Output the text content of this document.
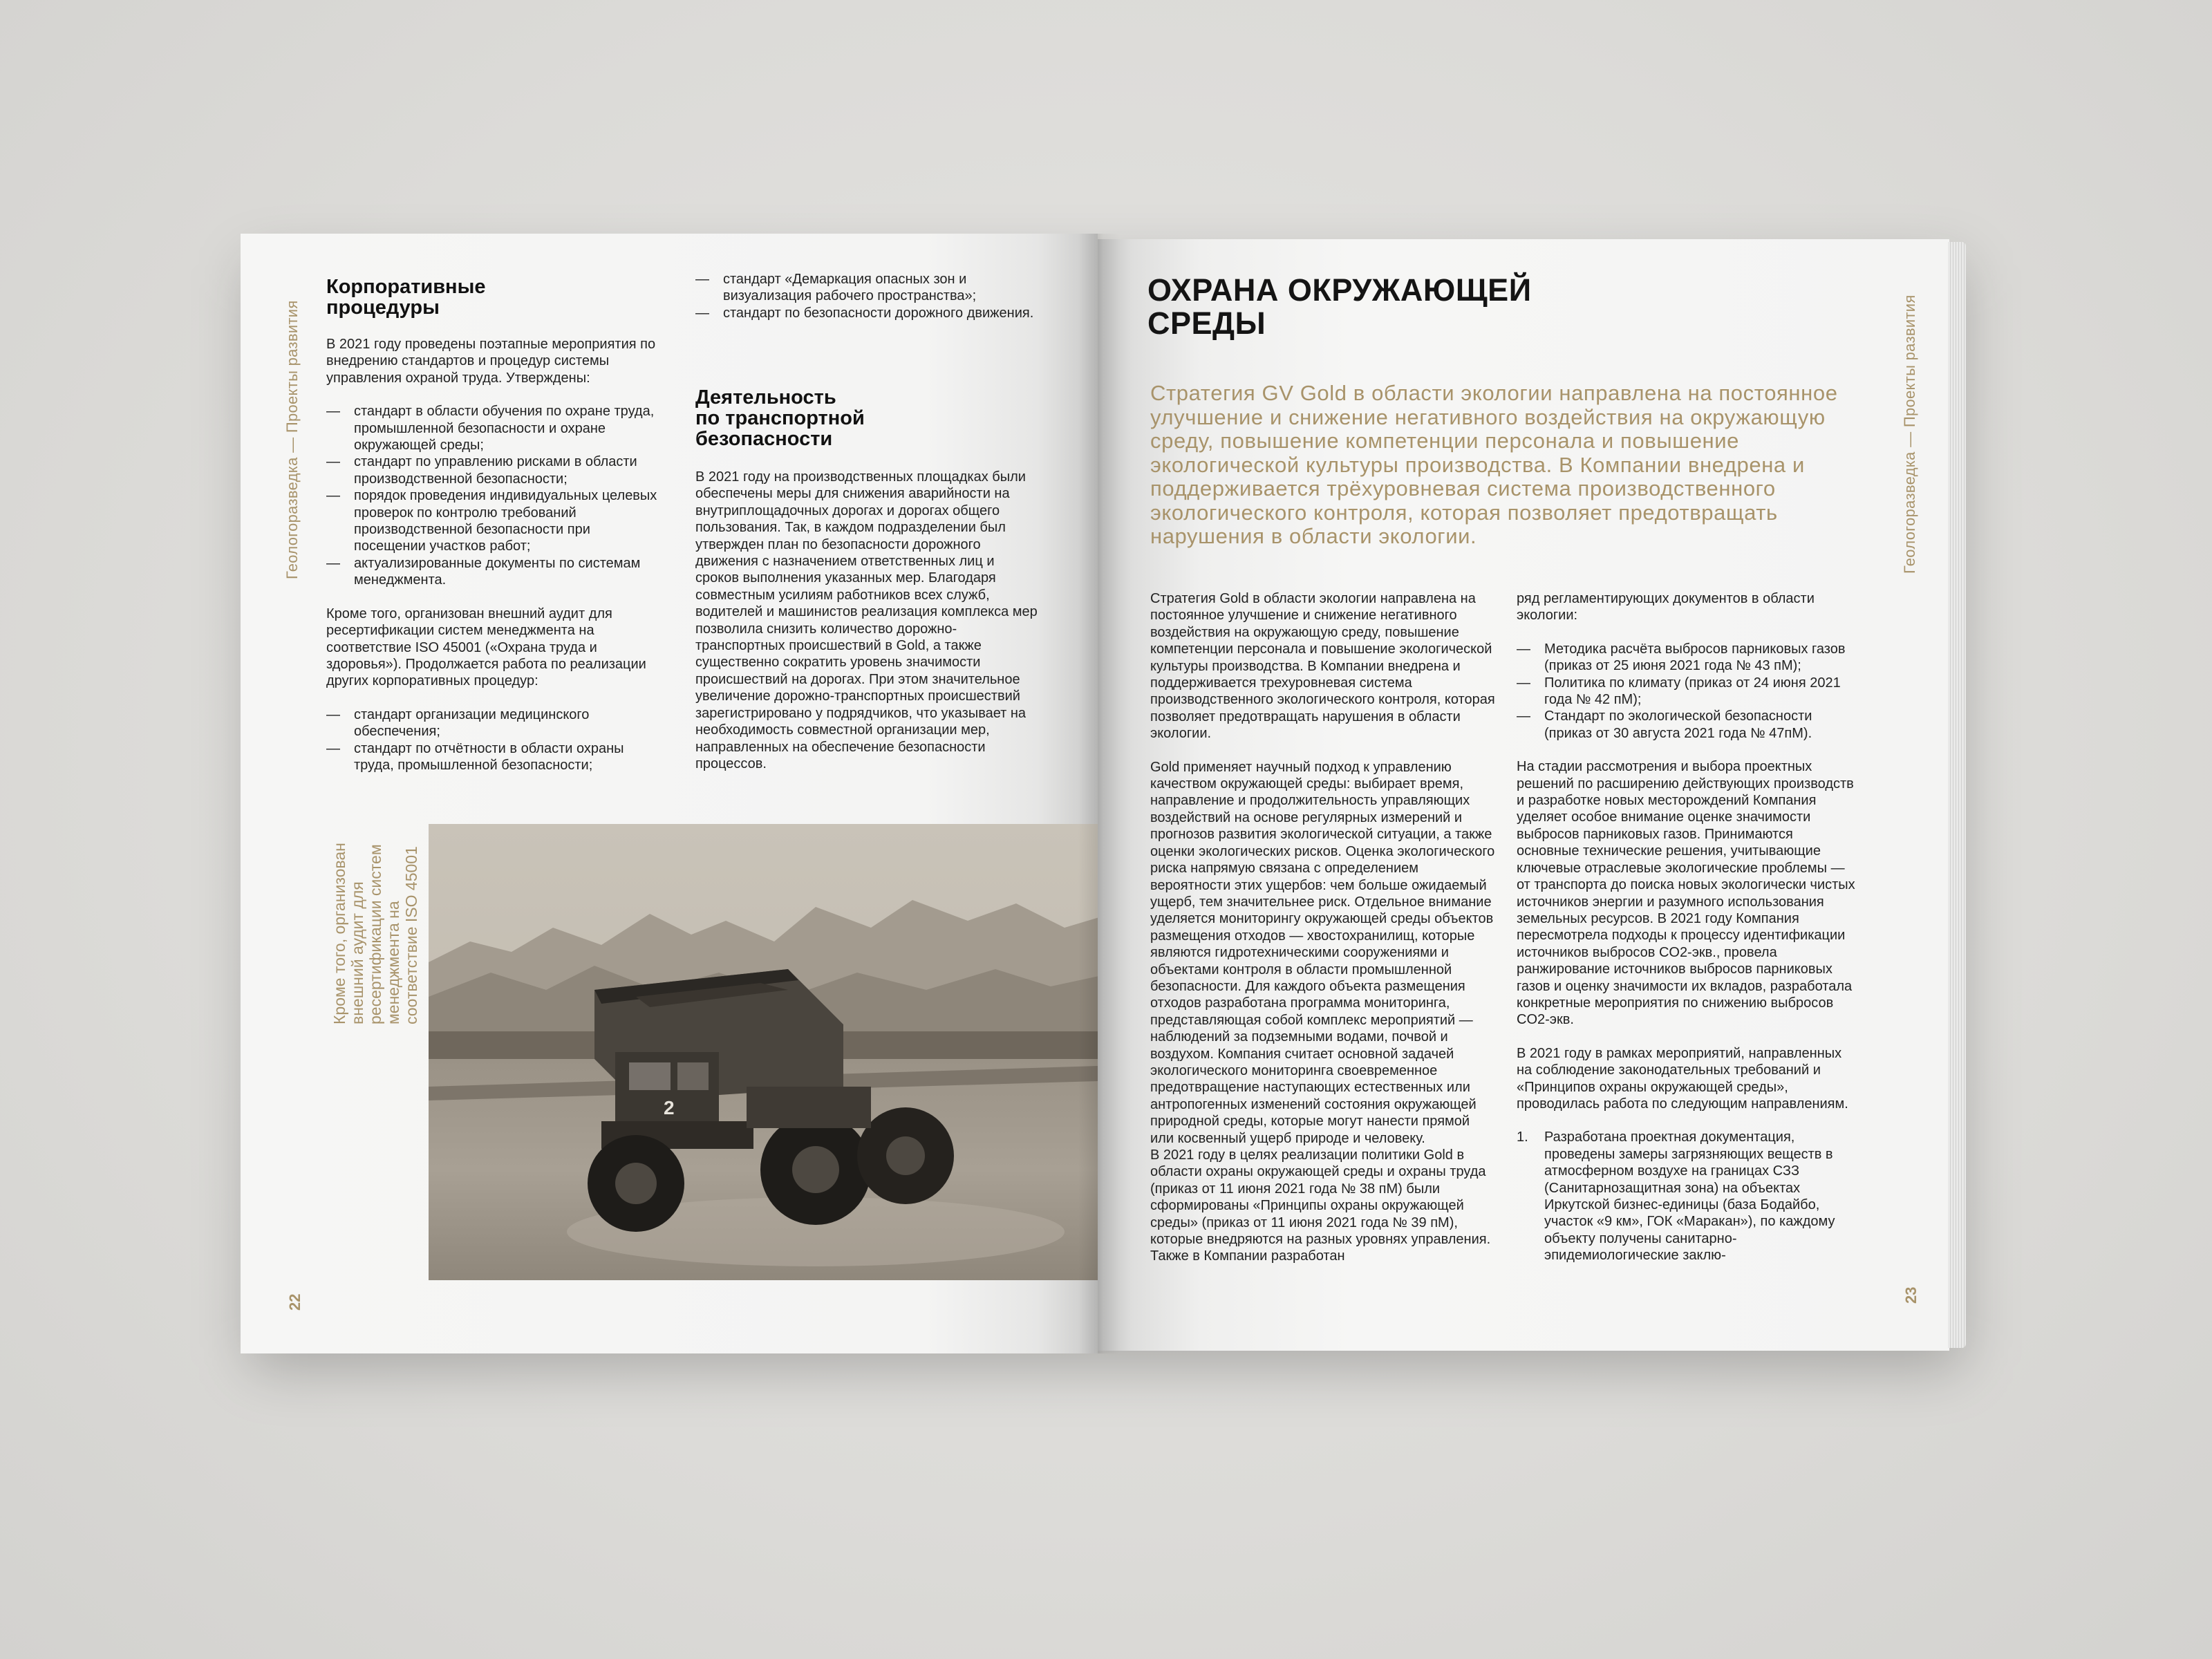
Геологоразведка — Проекты развития
22
Корпоративные
процедуры

В 2021 году проведены поэтапные мероприятия по внедрению стандартов и процедур системы управления охраной труда. Утверждены:

— стандарт в области обучения по охране труда, промышленной безопасности и охране окружающей среды;
— стандарт по управлению рисками в области производственной безопасности;
— порядок проведения индивидуальных целевых проверок по контролю требований производственной безопасности при посещении участков работ;
— актуализированные документы по системам менеджмента.

Кроме того, организован внешний аудит для ресертификации систем менеджмента на соответствие ISO 45001 («Охрана труда и здоровья»). Продолжается работа по реализации других корпоративных процедур:

— стандарт организации медицинского обеспечения;
— стандарт по отчётности в области охраны труда, промышленной безопасности;
— стандарт «Демаркация опасных зон и визуализация рабочего пространства»;
— стандарт по безопасности дорожного движения.
Деятельность
по транспортной
безопасности

В 2021 году на производственных площадках были обеспечены меры для снижения аварийности на внутриплощадочных дорогах и дорогах общего пользования. Так, в каждом подразделении был утвержден план по безопасности дорожного движения с назначением ответственных лиц и сроков выполнения указанных мер. Благодаря совместным усилиям работников всех служб, водителей и машинистов реализация комплекса мер позволила снизить количество дорожно-транспортных происшествий в Gold, а также существенно сократить уровень значимости происшествий на дорогах. При этом значительное увеличение дорожно-транспортных происшествий зарегистрировано у подрядчиков, что указывает на необходимость совместной организации мер, направленных на обеспечение безопасности процессов.

Кроме того, организован внешний аудит для ресертификации систем менеджмента на соответствие ISO 45001
2
ОХРАНА ОКРУЖАЮЩЕЙ
СРЕДЫ
Стратегия GV Gold в области экологии направлена на постоянное улучшение и снижение негативного воздействия на окружающую среду, повышение компетенции персонала и повышение экологической культуры производства. В Компании внедрена и поддерживается трёхуровневая система производственного экологического контроля, которая позволяет предотвращать нарушения в области экологии.

Стратегия Gold в области экологии направлена на постоянное улучшение и снижение негативного воздействия на окружающую среду, повышение компетенции персонала и повышение экологической культуры производства. В Компании внедрена и поддерживается трехуровневая система производственного экологического контроля, которая позволяет предотвращать нарушения в области экологии.

Gold применяет научный подход к управлению качеством окружающей среды: выбирает время, направление и продолжительность управляющих воздействий на основе регулярных измерений и прогнозов развития экологической ситуации, а также оценки экологических рисков. Оценка экологического риска напрямую связана с определением вероятности этих ущербов: чем больше ожидаемый ущерб, тем значительнее риск. Отдельное внимание уделяется мониторингу окружающей среды объектов размещения отходов — хвостохранилищ, которые являются гидротехническими сооружениями и объектами контроля в области промышленной безопасности. Для каждого объекта размещения отходов разработана программа мониторинга, представляющая собой комплекс мероприятий — наблюдений за подземными водами, почвой и воздухом. Компания считает основной задачей экологического мониторинга своевременное предотвращение наступающих естественных или антропогенных изменений состояния окружающей природной среды, которые могут нанести прямой или косвенный ущерб природе и человеку.

В 2021 году в целях реализации политики Gold в области охраны окружающей среды и охраны труда (приказ от 11 июня 2021 года № 38 пМ) были сформированы «Принципы охраны окружающей среды» (приказ от 11 июня 2021 года № 39 пМ), которые внедряются на разных уровнях управления. Также в Компании разработан

ряд регламентирующих документов в области экологии:

— Методика расчёта выбросов парниковых газов (приказ от 25 июня 2021 года № 43 пМ);
— Политика по климату (приказ от 24 июня 2021 года № 42 пМ);
— Стандарт по экологической безопасности (приказ от 30 августа 2021 года № 47пМ).

На стадии рассмотрения и выбора проектных решений по расширению действующих производств и разработке новых месторождений Компания уделяет особое внимание оценке значимости выбросов парниковых газов. Принимаются основные технические решения, учитывающие ключевые отраслевые экологические проблемы — от транспорта до поиска новых экологически чистых источников энергии и разумного использования земельных ресурсов. В 2021 году Компания пересмотрела подходы к процессу идентификации источников выбросов CO2-экв., провела ранжирование источников выбросов парниковых газов и оценку значимости их вкладов, разработала конкретные мероприятия по снижению выбросов CO2-экв.

В 2021 году в рамках мероприятий, направленных на соблюдение законодательных требований и «Принципов охраны окружающей среды», проводилась работа по следующим направлениям.

1. Разработана проектная документация, проведены замеры загрязняющих веществ в атмосферном воздухе на границах СЗЗ (Санитарнозащитная зона) на объектах Иркутской бизнес-единицы (база Бодайбо, участок «9 км», ГОК «Маракан»), по каждому объекту получены санитарно-эпидемиологические заклю-
Геологоразведка — Проекты развития
23
